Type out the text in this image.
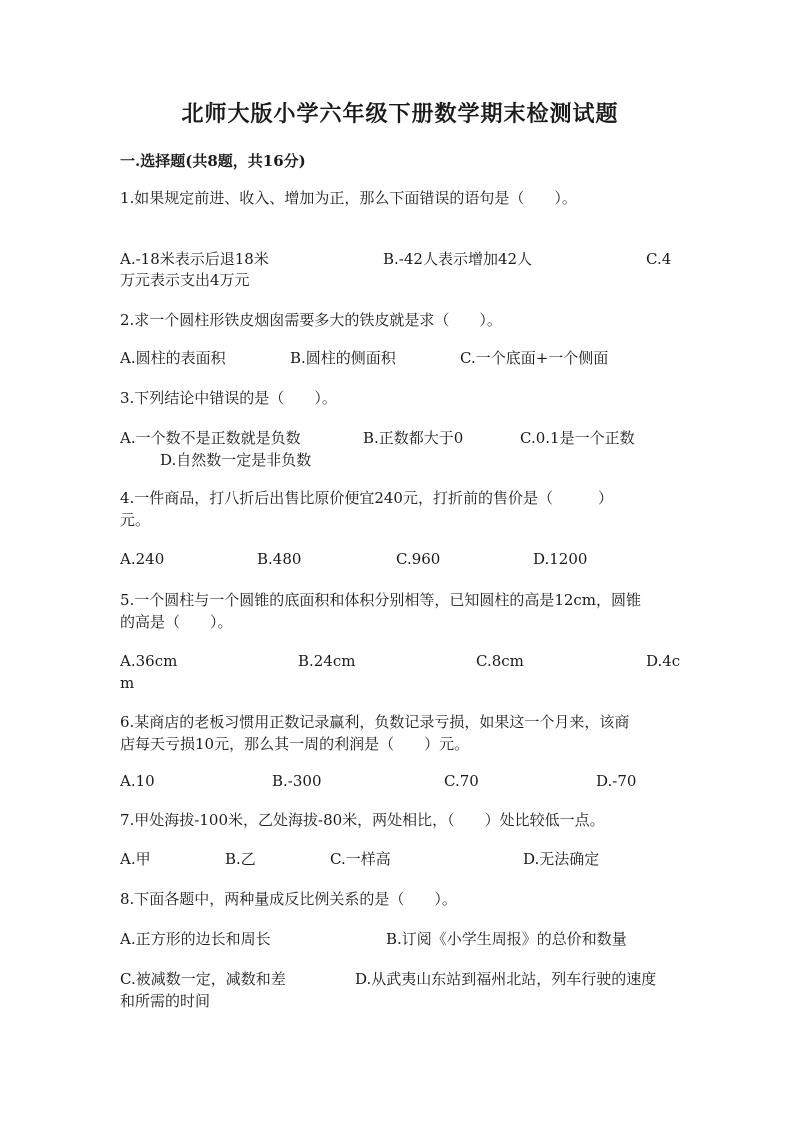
北师大版小学六年级下册数学期末检测试题
一.选择题(共8题，共16分)
1.如果规定前进、收入、增加为正，那么下面错误的语句是（　　）。
A.-18米表示后退18米	B.-42人表示增加42人	C.4
万元表示支出4万元
2.求一个圆柱形铁皮烟囱需要多大的铁皮就是求（　　）。
A.圆柱的表面积	B.圆柱的侧面积	C.一个底面+一个侧面
3.下列结论中错误的是（　　）。
A.一个数不是正数就是负数	B.正数都大于0	C.0.1是一个正数
D.自然数一定是非负数
4.一件商品，打八折后出售比原价便宜240元，打折前的售价是（　　　）
元。
A.240	B.480	C.960	D.1200
5.一个圆柱与一个圆锥的底面积和体积分别相等，已知圆柱的高是12cm，圆锥
的高是（　　）。
A.36cm	B.24cm	C.8cm	D.4c
m
6.某商店的老板习惯用正数记录赢利，负数记录亏损，如果这一个月来，该商
店每天亏损10元，那么其一周的利润是（　　）元。
A.10	B.-300	C.70	D.-70
7.甲处海拔-100米，乙处海拔-80米，两处相比，（　　）处比较低一点。
A.甲	B.乙	C.一样高	D.无法确定
8.下面各题中，两种量成反比例关系的是（　　）。
A.正方形的边长和周长	B.订阅《小学生周报》的总价和数量
C.被减数一定，减数和差	D.从武夷山东站到福州北站，列车行驶的速度
和所需的时间
